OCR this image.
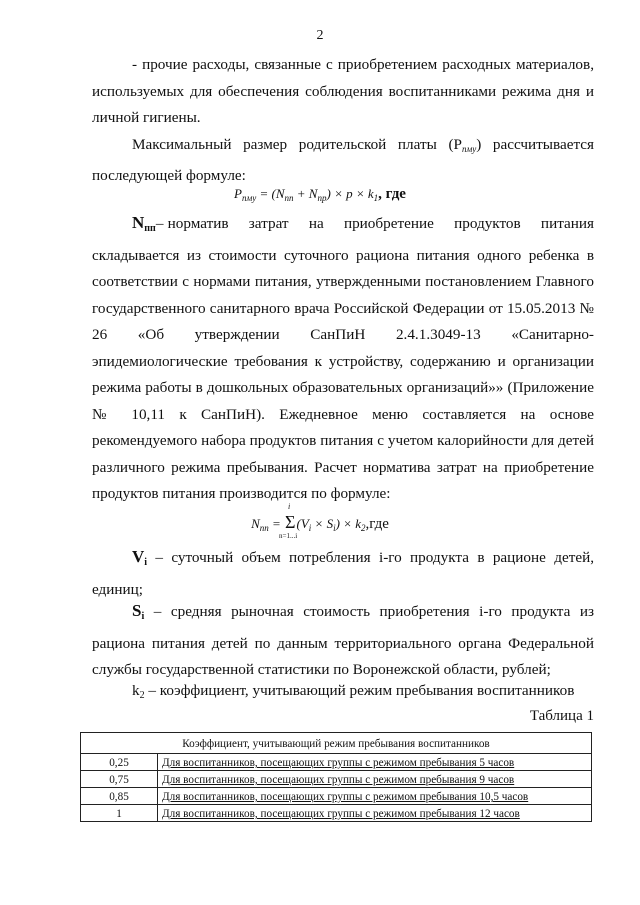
2

- прочие расходы, связанные с приобретением расходных материалов, используемых для обеспечения соблюдения воспитанниками режима дня и личной гигиены.

Максимальный размер родительской платы $(Р_{пму})$ рассчитывается последующей формуле:

$P_{пму} = (N_{пп} + N_{пр}) \times p \times k_1$, где

$N_{пп}-$ норматив затрат на приобретение продуктов питания складывается из стоимости суточного рациона питания одного ребенка в соответствии с нормами питания, утвержденными постановлением Главного государственного санитарного врача Российской Федерации от 15.05.2013 № 26 «Об утверждении СанПиН 2.4.1.3049-13 «Санитарно-эпидемиологические требования к устройству, содержанию и организации режима работы в дошкольных образовательных организаций»» (Приложение № 10,11 к СанПиН). Ежедневное меню составляется на основе рекомендуемого набора продуктов питания с учетом калорийности для детей различного режима пребывания. Расчет норматива затрат на приобретение продуктов питания производится по формуле:

$N_{пп} = \Sigma$
i
n=1...i
$(V_i \times S_i) \times k_2,где$

$V_i$ – суточный объем потребления i-го продукта в рационе детей, единиц;

$S_i$ – средняя рыночная стоимость приобретения i-го продукта из рациона питания детей по данным территориального органа Федеральной службы государственной статистики по Воронежской области, рублей;

$k_2$ – коэффициент, учитывающий режим пребывания воспитанников

Таблица 1
Коэффициент, учитывающий режим пребывания воспитанников	
0,25	Для воспитанников, посещающих группы с режимом пребывания 5 часов
0,75	Для воспитанников, посещающих группы с режимом пребывания 9 часов
0,85	Для воспитанников, посещающих группы с режимом пребывания 10,5 часов
1	Для воспитанников, посещающих группы с режимом пребывания 12 часов
